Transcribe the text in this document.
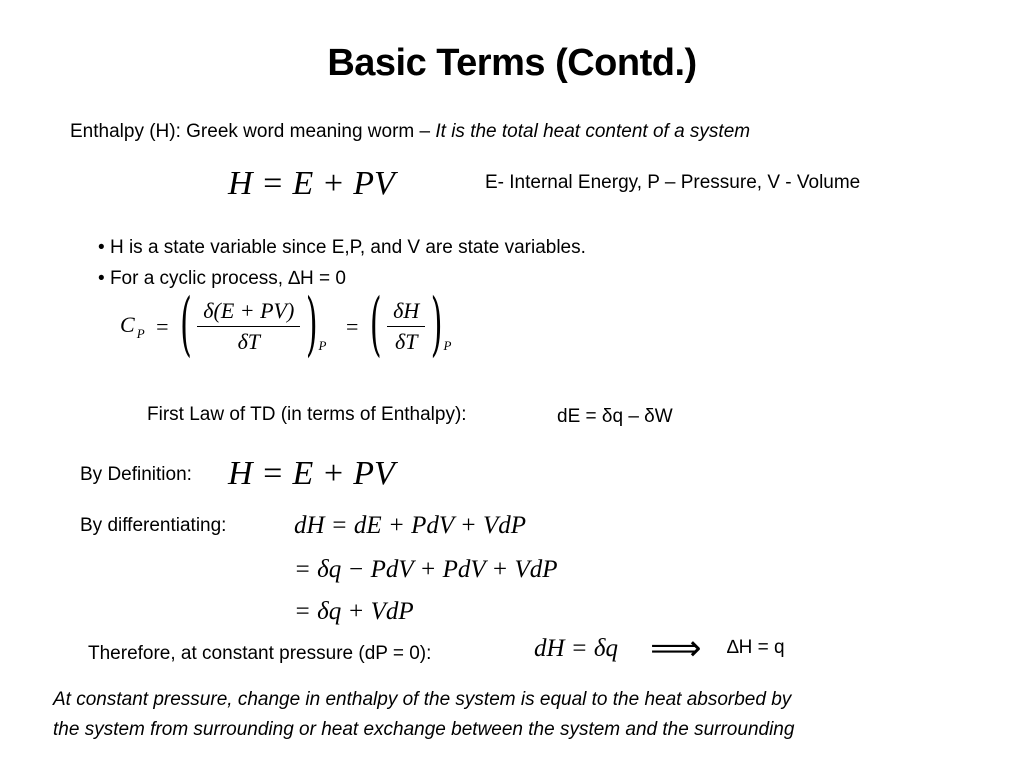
Basic Terms (Contd.)
Enthalpy (H): Greek word meaning worm – It is the total heat content of a system
H = E + PV	E- Internal Energy, P – Pressure, V - Volume
• H is a state variable since E,P, and V are state variables.
• For a cyclic process, ∆H = 0
C $_P$ = ( $\frac{\delta(E + PV)}{\delta T} )_P$ = ( $\frac{\delta H}{\delta T} )_P$
First Law of TD (in terms of Enthalpy):	dE = δq – δW
By Definition: H = E + PV
By differentiating:	dH = dE + PdV + VdP
= δq − PdV + PdV + VdP
= δq + VdP
Therefore, at constant pressure (dP = 0):	dH = δq ⟹ ∆H = q
At constant pressure, change in enthalpy of the system is equal to the heat absorbed by
the system from surrounding or heat exchange between the system and the surrounding
